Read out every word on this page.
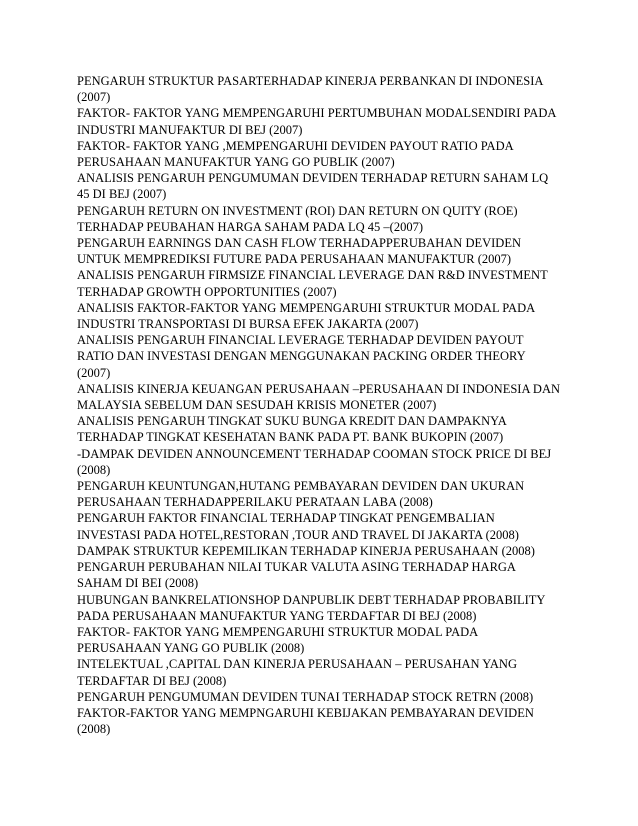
PENGARUH STRUKTUR PASARTERHADAP KINERJA PERBANKAN DI INDONESIA
(2007)
FAKTOR- FAKTOR YANG MEMPENGARUHI PERTUMBUHAN MODALSENDIRI PADA
INDUSTRI MANUFAKTUR DI BEJ (2007)
FAKTOR- FAKTOR YANG ,MEMPENGARUHI DEVIDEN PAYOUT RATIO PADA
PERUSAHAAN MANUFAKTUR YANG GO PUBLIK (2007)
ANALISIS PENGARUH PENGUMUMAN DEVIDEN TERHADAP RETURN SAHAM LQ
45 DI BEJ (2007)
PENGARUH RETURN ON INVESTMENT (ROI) DAN RETURN ON QUITY (ROE)
TERHADAP PEUBAHAN HARGA SAHAM PADA LQ 45 –(2007)
PENGARUH EARNINGS DAN CASH FLOW TERHADAPPERUBAHAN DEVIDEN
UNTUK MEMPREDIKSI FUTURE PADA PERUSAHAAN MANUFAKTUR (2007)
ANALISIS PENGARUH FIRMSIZE FINANCIAL LEVERAGE DAN R&D INVESTMENT
TERHADAP GROWTH OPPORTUNITIES (2007)
ANALISIS FAKTOR-FAKTOR YANG MEMPENGARUHI STRUKTUR MODAL PADA
INDUSTRI TRANSPORTASI DI BURSA EFEK JAKARTA (2007)
ANALISIS PENGARUH FINANCIAL LEVERAGE TERHADAP DEVIDEN PAYOUT
RATIO DAN INVESTASI DENGAN MENGGUNAKAN PACKING ORDER THEORY
(2007)
ANALISIS KINERJA KEUANGAN PERUSAHAAN –PERUSAHAAN DI INDONESIA DAN
MALAYSIA SEBELUM DAN SESUDAH KRISIS MONETER (2007)
ANALISIS PENGARUH TINGKAT SUKU BUNGA KREDIT DAN DAMPAKNYA
TERHADAP TINGKAT KESEHATAN BANK PADA PT. BANK BUKOPIN (2007)
-DAMPAK DEVIDEN ANNOUNCEMENT TERHADAP COOMAN STOCK PRICE DI BEJ
(2008)
PENGARUH KEUNTUNGAN,HUTANG PEMBAYARAN DEVIDEN DAN UKURAN
PERUSAHAAN TERHADAPPERILAKU PERATAAN LABA (2008)
PENGARUH FAKTOR FINANCIAL TERHADAP TINGKAT PENGEMBALIAN
INVESTASI PADA HOTEL,RESTORAN ,TOUR AND TRAVEL DI JAKARTA (2008)
DAMPAK STRUKTUR KEPEMILIKAN TERHADAP KINERJA PERUSAHAAN (2008)
PENGARUH PERUBAHAN NILAI TUKAR VALUTA ASING TERHADAP HARGA
SAHAM DI BEI (2008)
HUBUNGAN BANKRELATIONSHOP DANPUBLIK DEBT TERHADAP PROBABILITY
PADA PERUSAHAAN MANUFAKTUR YANG TERDAFTAR DI BEJ (2008)
FAKTOR- FAKTOR YANG MEMPENGARUHI STRUKTUR MODAL PADA
PERUSAHAAN YANG GO PUBLIK (2008)
INTELEKTUAL ,CAPITAL DAN KINERJA PERUSAHAAN – PERUSAHAN YANG
TERDAFTAR DI BEJ (2008)
PENGARUH PENGUMUMAN DEVIDEN TUNAI TERHADAP STOCK RETRN (2008)
FAKTOR-FAKTOR YANG MEMPNGARUHI KEBIJAKAN PEMBAYARAN DEVIDEN
(2008)
